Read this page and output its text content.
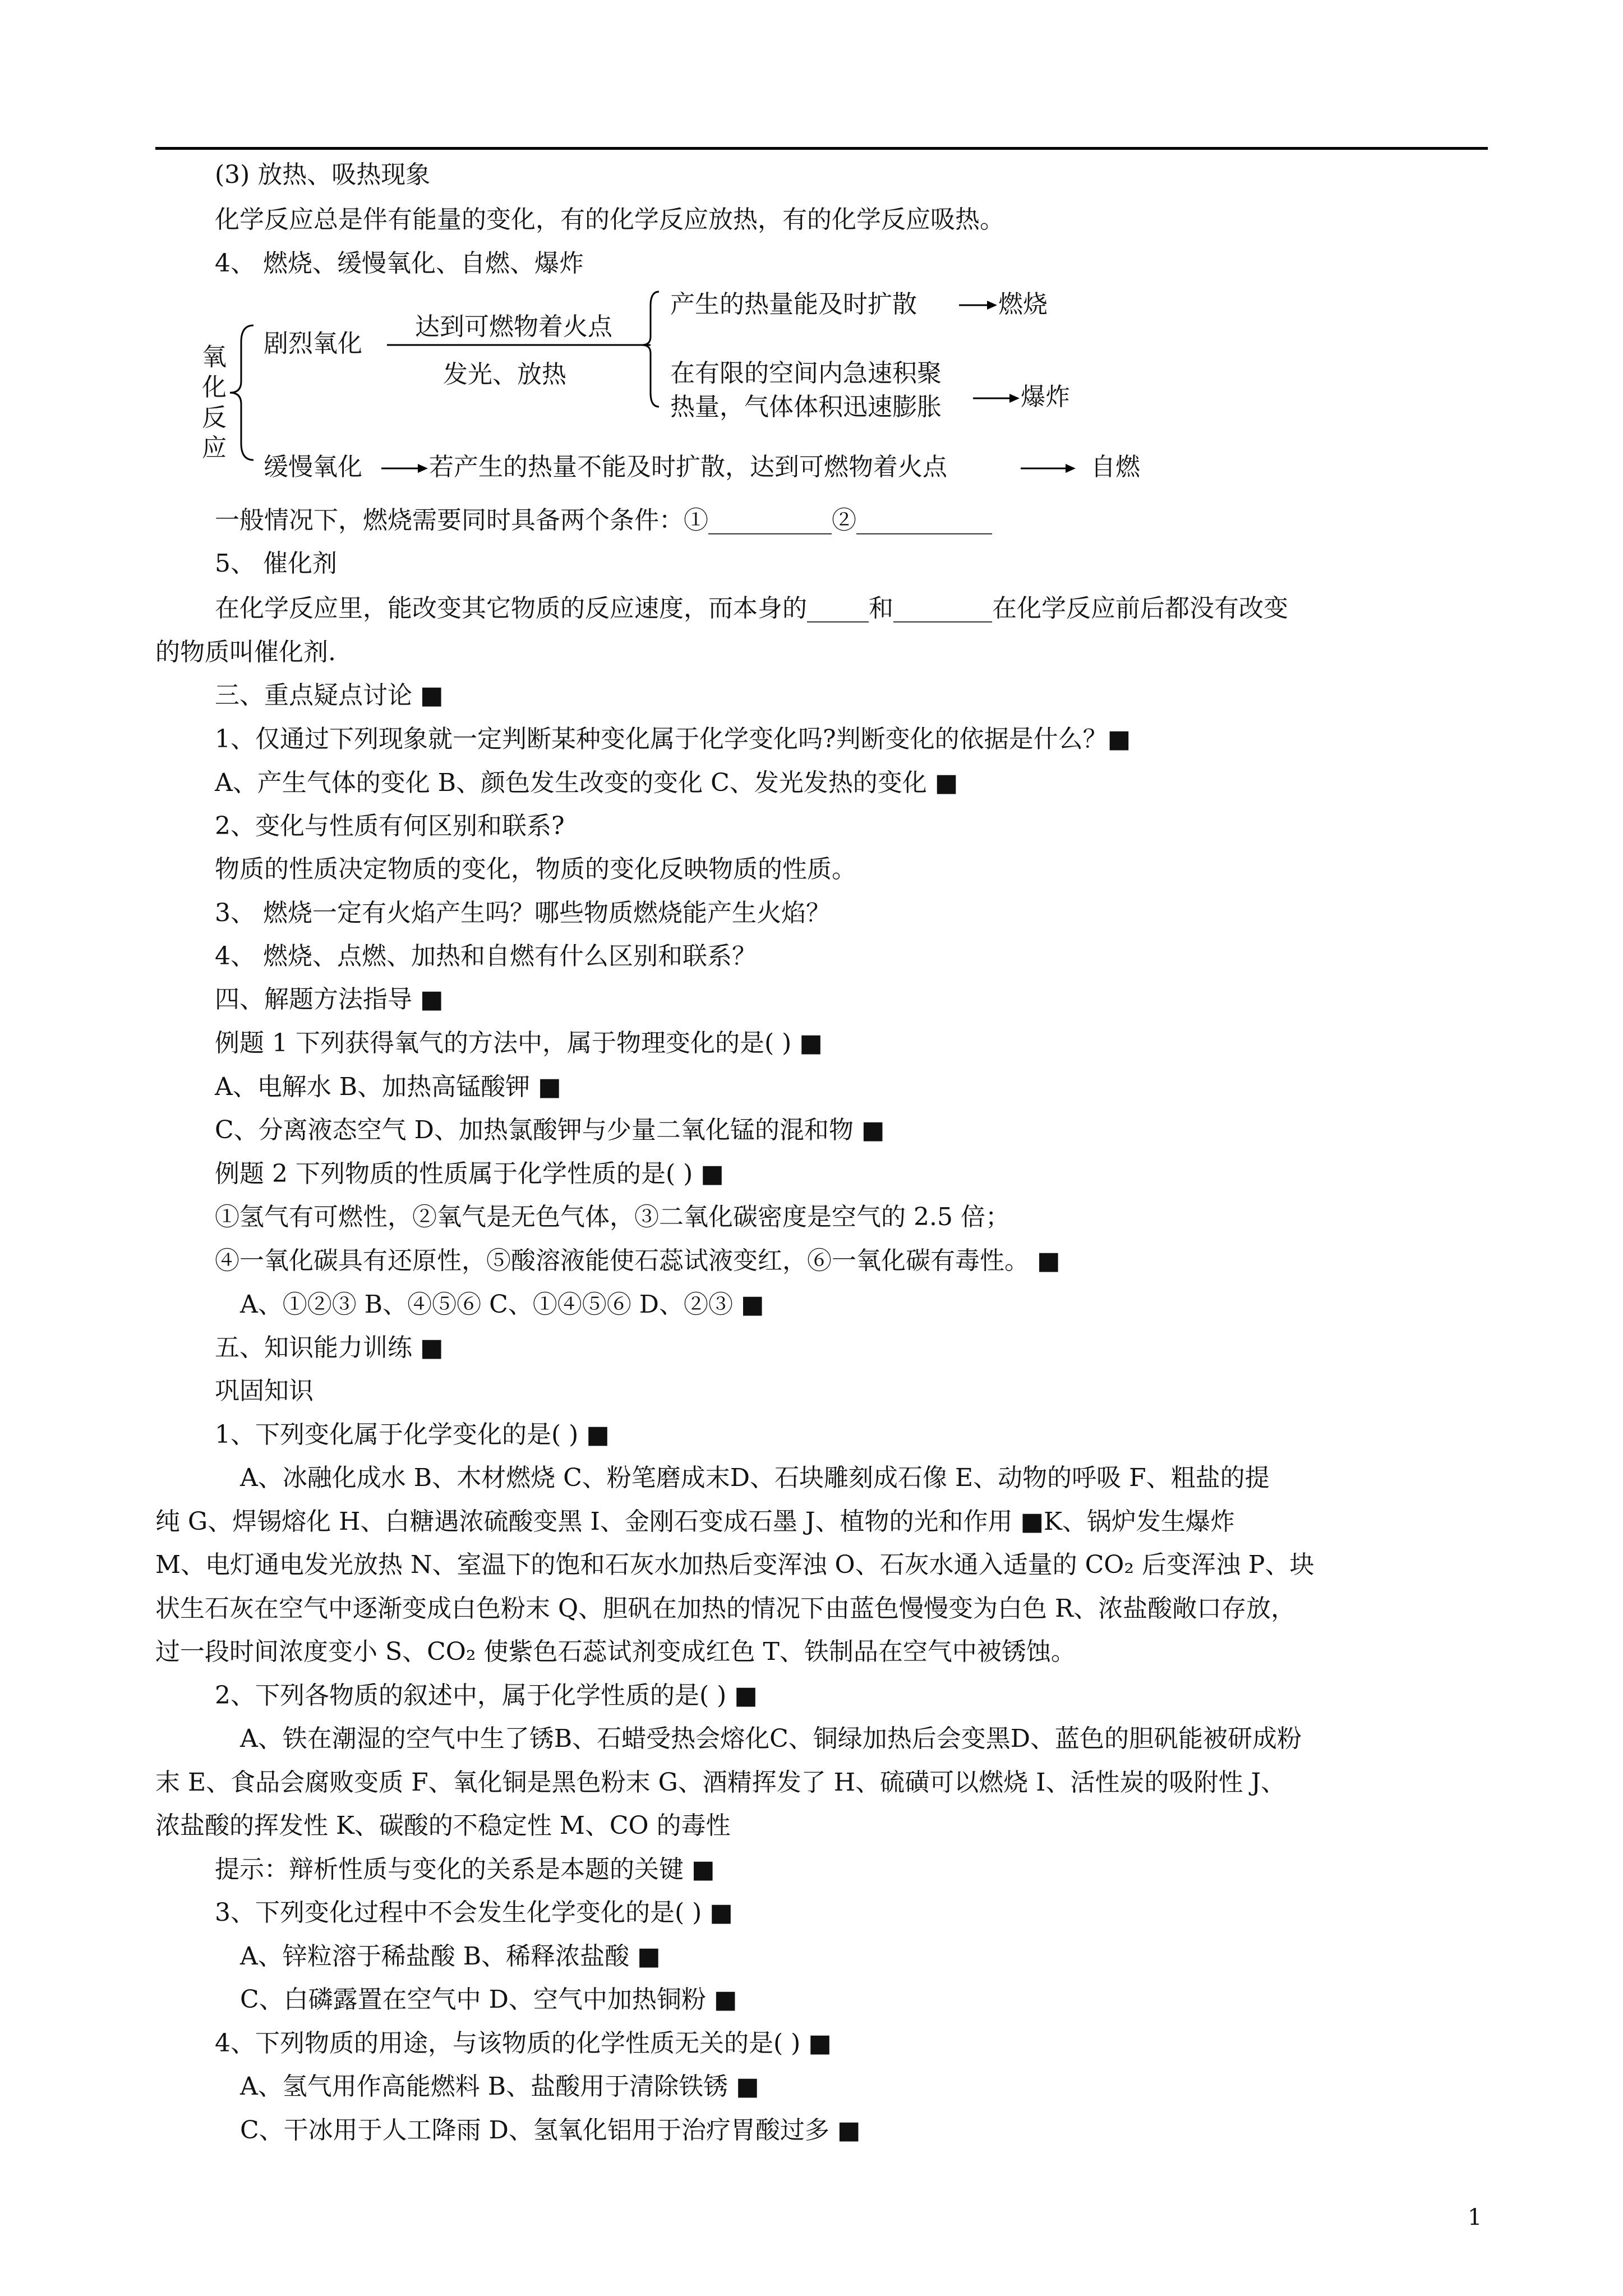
(3) 放热、吸热现象
化学反应总是伴有能量的变化，有的化学反应放热，有的化学反应吸热。
4、 燃烧、缓慢氧化、自燃、爆炸
氧化反应
剧烈氧化
达到可燃物着火点
发光、放热
产生的热量能及时扩散	燃烧
在有限的空间内急速积聚
热量，气体体积迅速膨胀	爆炸
缓慢氧化	若产生的热量不能及时扩散，达到可燃物着火点	自燃
一般情况下，燃烧需要同时具备两个条件：①__________②___________
5、 催化剂
在化学反应里，能改变其它物质的反应速度，而本身的_____和________在化学反应前后都没有改变
的物质叫催化剂.
三、重点疑点讨论 ■
1、仅通过下列现象就一定判断某种变化属于化学变化吗?判断变化的依据是什么？■
A、产生气体的变化 B、颜色发生改变的变化 C、发光发热的变化 ■
2、变化与性质有何区别和联系?
物质的性质决定物质的变化，物质的变化反映物质的性质。
3、 燃烧一定有火焰产生吗？哪些物质燃烧能产生火焰？
4、 燃烧、点燃、加热和自燃有什么区别和联系？
四、解题方法指导 ■
例题 1 下列获得氧气的方法中，属于物理变化的是( ) ■
A、电解水 B、加热高锰酸钾 ■
C、分离液态空气 D、加热氯酸钾与少量二氧化锰的混和物 ■
例题 2 下列物质的性质属于化学性质的是( ) ■
①氢气有可燃性，②氧气是无色气体，③二氧化碳密度是空气的 2.5 倍；
④一氧化碳具有还原性，⑤酸溶液能使石蕊试液变红，⑥一氧化碳有毒性。 ■
A、①②③ B、④⑤⑥ C、①④⑤⑥ D、②③ ■
五、知识能力训练 ■
巩固知识
1、下列变化属于化学变化的是( ) ■
A、冰融化成水 B、木材燃烧 C、粉笔磨成末D、石块雕刻成石像 E、动物的呼吸 F、粗盐的提
纯 G、焊锡熔化 H、白糖遇浓硫酸变黑 I、金刚石变成石墨 J、植物的光和作用 ■K、锅炉发生爆炸
M、电灯通电发光放热 N、室温下的饱和石灰水加热后变浑浊 O、石灰水通入适量的 CO₂ 后变浑浊 P、块
状生石灰在空气中逐渐变成白色粉末 Q、胆矾在加热的情况下由蓝色慢慢变为白色 R、浓盐酸敞口存放，
过一段时间浓度变小 S、CO₂ 使紫色石蕊试剂变成红色 T、铁制品在空气中被锈蚀。
2、下列各物质的叙述中，属于化学性质的是( ) ■
A、铁在潮湿的空气中生了锈B、石蜡受热会熔化C、铜绿加热后会变黑D、蓝色的胆矾能被研成粉
末 E、食品会腐败变质 F、氧化铜是黑色粉末 G、酒精挥发了 H、硫磺可以燃烧 I、活性炭的吸附性 J、
浓盐酸的挥发性 K、碳酸的不稳定性 M、CO 的毒性
提示：辩析性质与变化的关系是本题的关键 ■
3、下列变化过程中不会发生化学变化的是( ) ■
A、锌粒溶于稀盐酸 B、稀释浓盐酸 ■
C、白磷露置在空气中 D、空气中加热铜粉 ■
4、下列物质的用途，与该物质的化学性质无关的是( ) ■
A、氢气用作高能燃料 B、盐酸用于清除铁锈 ■
C、干冰用于人工降雨 D、氢氧化铝用于治疗胃酸过多 ■
1
